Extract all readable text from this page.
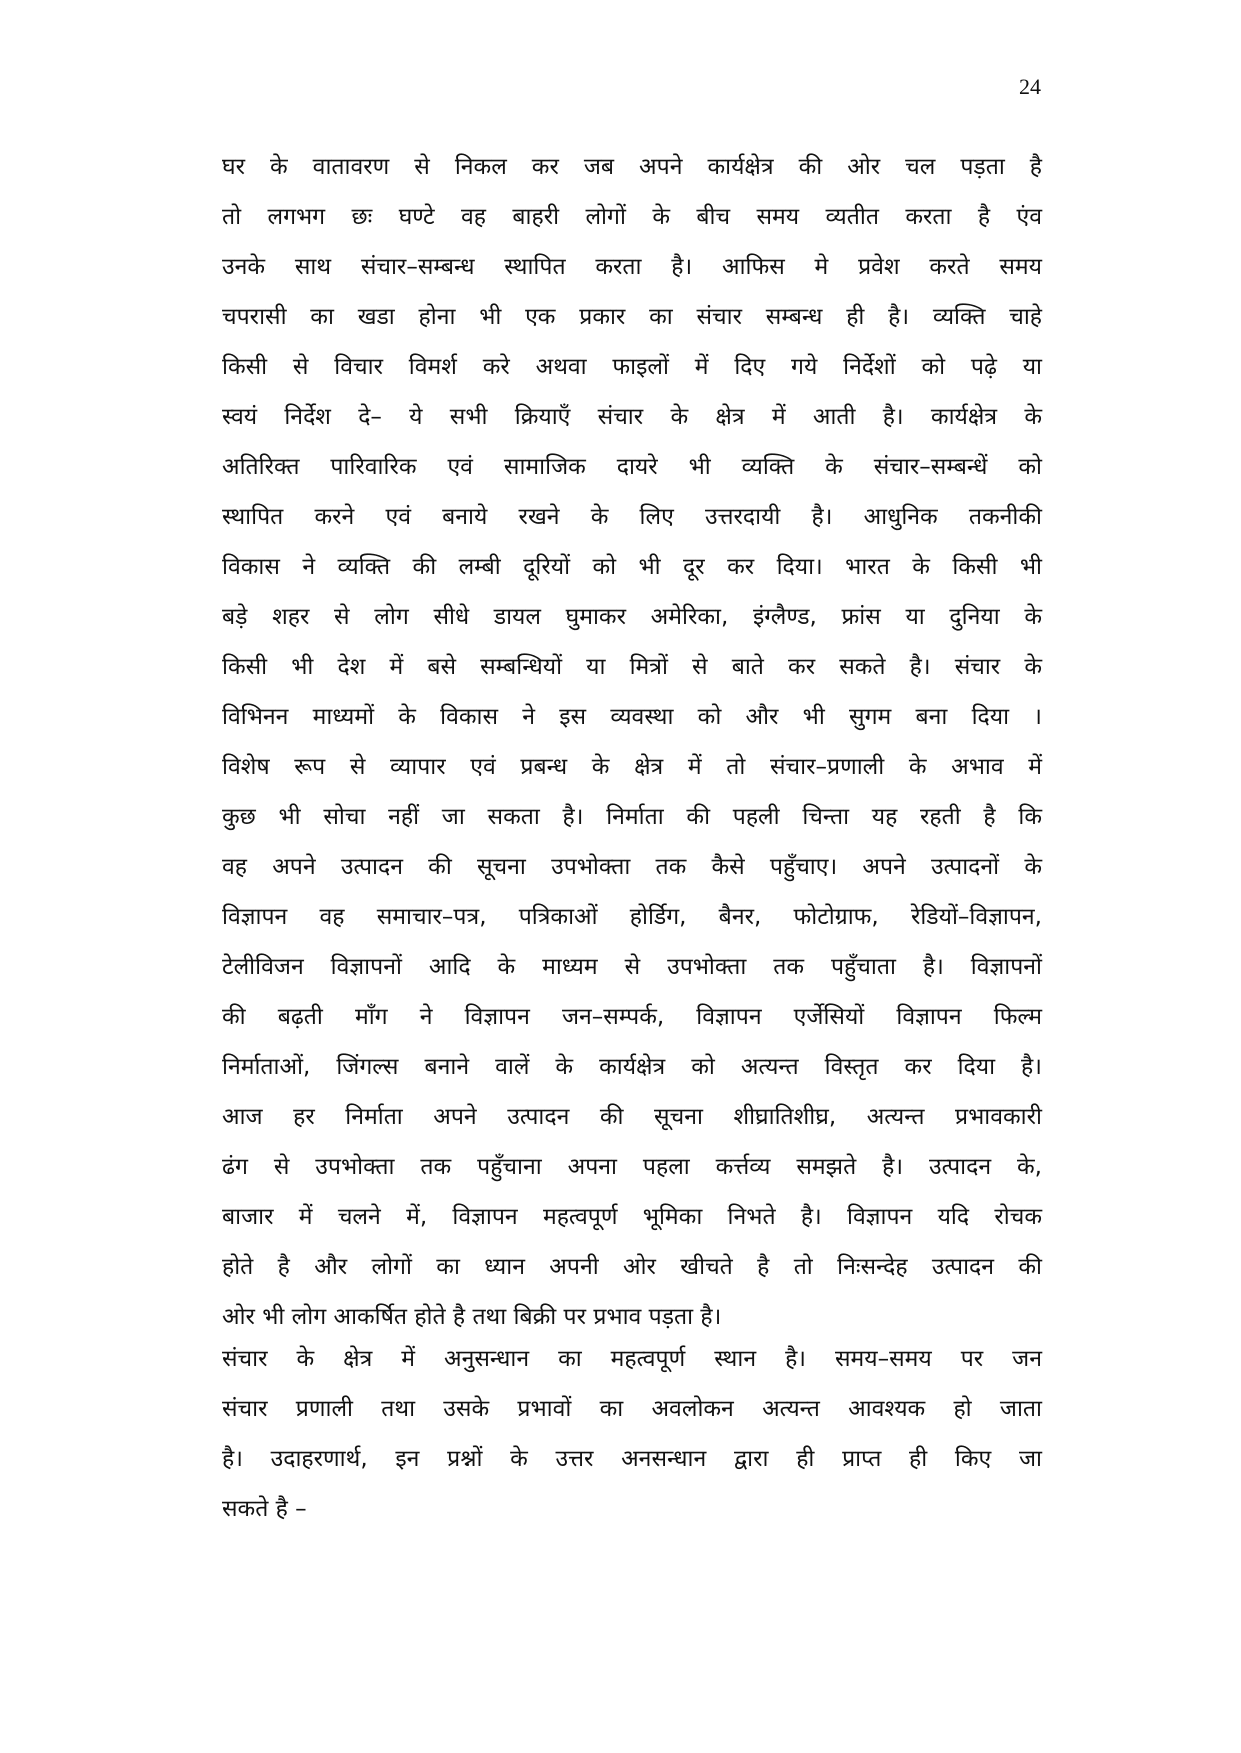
24
घर के वातावरण से निकल कर जब अपने कार्यक्षेत्र की ओर चल पड़ता है
तो लगभग छः घण्टे वह बाहरी लोगों के बीच समय व्यतीत करता है एंव
उनके साथ संचार–सम्बन्ध स्थापित करता है। आफिस मे प्रवेश करते समय
चपरासी का खडा होना भी एक प्रकार का संचार सम्बन्ध ही है। व्यक्ति चाहे
किसी से विचार विमर्श करे अथवा फाइलों में दिए गये निर्देशों को पढ़े या
स्वयं निर्देश दे– ये सभी क्रियाएँ संचार के क्षेत्र में आती है। कार्यक्षेत्र के
अतिरिक्त पारिवारिक एवं सामाजिक दायरे भी व्यक्ति के संचार–सम्बन्धें को
स्थापित करने एवं बनाये रखने के लिए उत्तरदायी है। आधुनिक तकनीकी
विकास ने व्यक्ति की लम्बी दूरियों को भी दूर कर दिया। भारत के किसी भी
बड़े शहर से लोग सीधे डायल घुमाकर अमेरिका, इंग्लैण्ड, फ्रांस या दुनिया के
किसी भी देश में बसे सम्बन्धियों या मित्रों से बाते कर सकते है। संचार के
विभिनन माध्यमों के विकास ने इस व्यवस्था को और भी सुगम बना दिया ।
विशेष रूप से व्यापार एवं प्रबन्ध के क्षेत्र में तो संचार–प्रणाली के अभाव में
कुछ भी सोचा नहीं जा सकता है। निर्माता की पहली चिन्ता यह रहती है कि
वह अपने उत्पादन की सूचना उपभोक्ता तक कैसे पहुँचाए। अपने उत्पादनों के
विज्ञापन वह समाचार–पत्र, पत्रिकाओं होर्डिग, बैनर, फोटोग्राफ, रेडियों–विज्ञापन,
टेलीविजन विज्ञापनों आदि के माध्यम से उपभोक्ता तक पहुँचाता है। विज्ञापनों
की बढ़ती माँग ने विज्ञापन जन–सम्पर्क, विज्ञापन एर्जेसियों विज्ञापन फिल्म
निर्माताओं, जिंगल्स बनाने वालें के कार्यक्षेत्र को अत्यन्त विस्तृत कर दिया है।
आज हर निर्माता अपने उत्पादन की सूचना शीघ्रातिशीघ्र, अत्यन्त प्रभावकारी
ढंग से उपभोक्ता तक पहुँचाना अपना पहला कर्त्तव्य समझते है। उत्पादन के,
बाजार में चलने में, विज्ञापन महत्वपूर्ण भूमिका निभते है। विज्ञापन यदि रोचक
होते है और लोगों का ध्यान अपनी ओर खीचते है तो निःसन्देह उत्पादन की
ओर भी लोग आकर्षित होते है तथा बिक्री पर प्रभाव पड़ता है।
संचार के क्षेत्र में अनुसन्धान का महत्वपूर्ण स्थान है। समय–समय पर जन
संचार प्रणाली तथा उसके प्रभावों का अवलोकन अत्यन्त आवश्यक हो जाता
है। उदाहरणार्थ, इन प्रश्नों के उत्तर अनसन्धान द्वारा ही प्राप्त ही किए जा
सकते है –
